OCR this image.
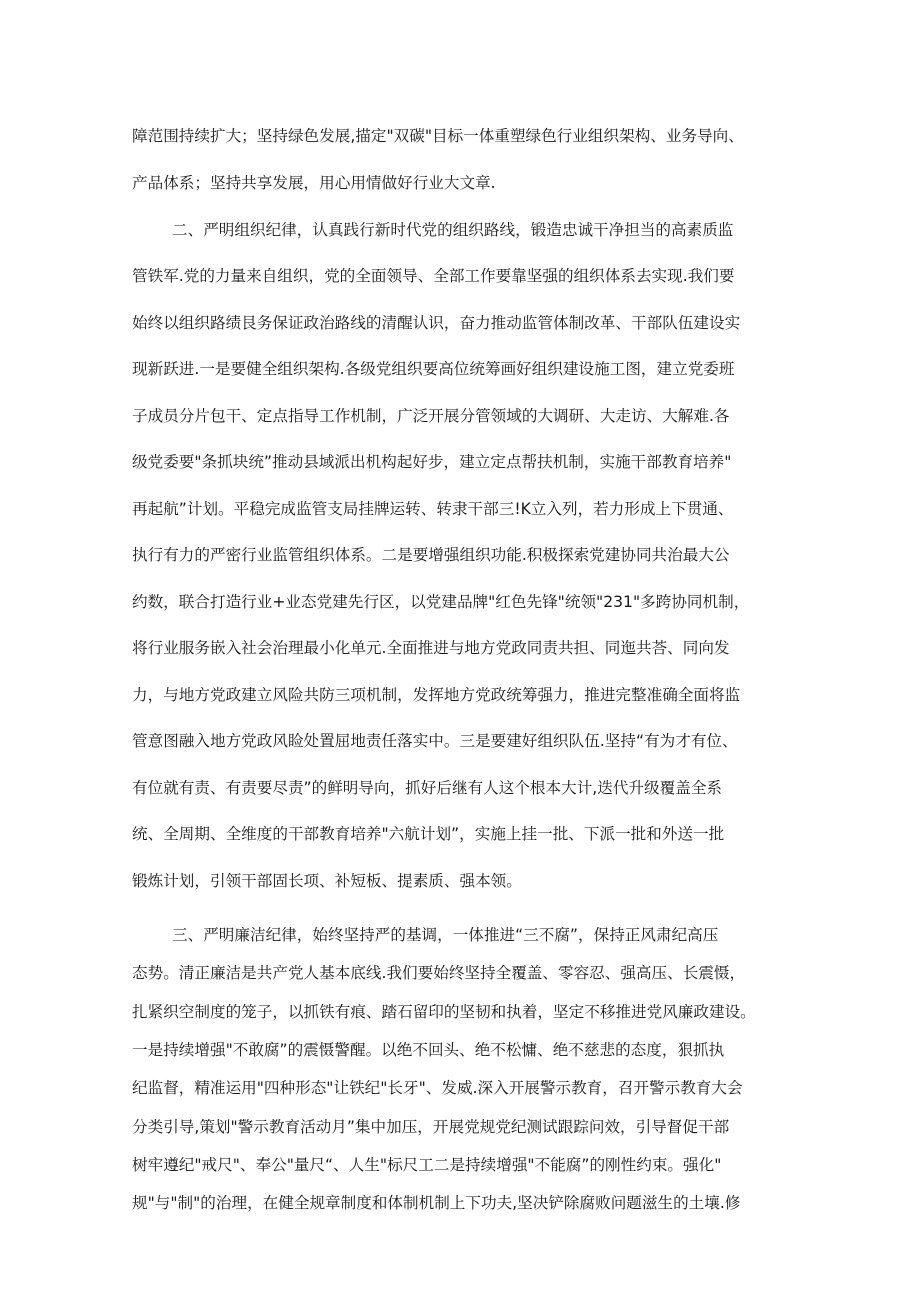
障范围持续扩大；坚持绿色发展,描定"双碳"目标一体重塑绿色行业组织架构、业务导向、
产品体系；坚持共享发展，用心用情做好行业大文章.
二、严明组织纪律，认真践行新时代党的组织路线，锻造忠诚干净担当的高素质监
管铁军.党的力量来自组织，党的全面领导、全部工作要靠坚强的组织体系去实现.我们要
始终以组织路绩艮务保证政治路线的清醒认识，奋力推动监管体制改革、干部队伍建设实
现新跃进.一是要健全组织架构.各级党组织要高位统筹画好组织建设施工图，建立党委班
子成员分片包干、定点指导工作机制，广泛开展分管领域的大调研、大走访、大解难.各
级党委要"条抓块统”推动县域派出机构起好步，建立定点帮扶机制，实施干部教育培养"
再起航”计划。平稳完成监管支局挂牌运转、转隶干部三!K立入列，若力形成上下贯通、
执行有力的严密行业监管组织体系。二是要增强组织功能.积极探索党建协同共治最大公
约数，联合打造行业+业态党建先行区，以党建品牌"红色先锋"统领"231"多跨协同机制，
将行业服务嵌入社会治理最小化单元.全面推进与地方党政同责共担、同迤共荅、同向发
力，与地方党政建立风险共防三项机制，发挥地方党政统筹强力，推进完整准确全面将监
管意图融入地方党政风睑处置屈地责任落实中。三是要建好组织队伍.坚持“有为才有位、
有位就有责、有责要尽责”的鲜明导向，抓好后继有人这个根本大计,迭代升级覆盖全系
统、全周期、全维度的干部教育培养"六航计划”，实施上挂一批、下派一批和外送一批
锻炼计划，引领干部固长项、补短板、提素质、强本领。
三、严明廉洁纪律，始终坚持严的基调，一体推进“三不腐”，保持正风肃纪高压
态势。清正廉洁是共产党人基本底线.我们要始终坚持全覆盖、零容忍、强高压、长震慑，
扎紧织空制度的笼子，以抓铁有痕、踏石留印的坚韧和执着，坚定不移推进党风廉政建设。
一是持续增强"不敢腐”的震慑警醒。以绝不回头、绝不松慵、绝不慈悲的态度，狠抓执
纪监督，精准运用"四种形态"让铁纪"长牙"、发威.深入开展警示教育，召开警示教育大会
分类引导,策划"警示教育活动月”集中加压，开展党规党纪测试跟踪问效，引导督促干部
树牢遵纪"戒尺"、奉公"量尺“、人生"标尺工二是持续增强"不能腐”的刚性约束。强化"
规"与"制"的治理，在健全规章制度和体制机制上下功夫,坚决铲除腐败问题滋生的土壤.修
